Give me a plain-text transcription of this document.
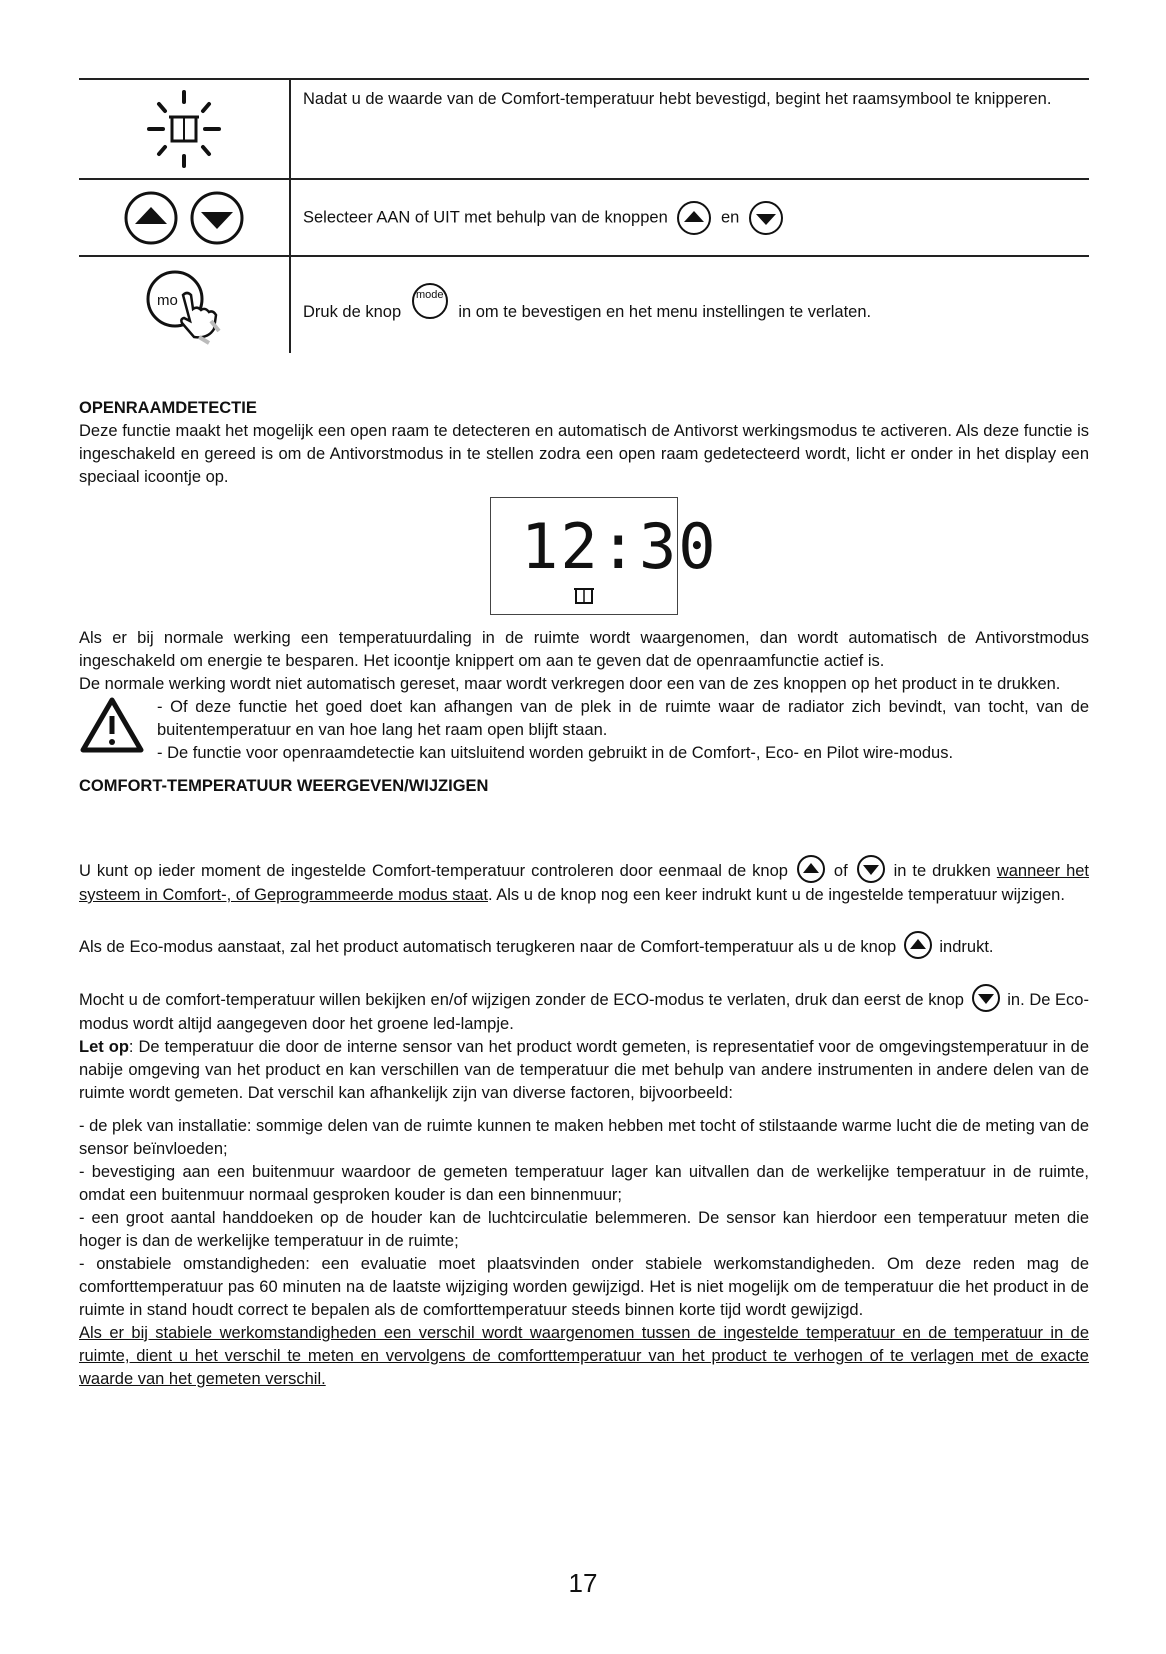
Nadat u de waarde van de Comfort-temperatuur hebt bevestigd, begint het raamsymbool te knipperen.
Selecteer AAN of UIT met behulp van de knoppen	en
mo
Druk de knop
mode
in om te bevestigen en het menu instellingen te verlaten.
OPENRAAMDETECTIE

Deze functie maakt het mogelijk een open raam te detecteren en automatisch de Antivorst werkingsmodus te activeren. Als deze functie is ingeschakeld en gereed is om de Antivorstmodus in te stellen zodra een open raam gedetecteerd wordt, licht er onder in het display een speciaal icoontje op.

12:30

Als er bij normale werking een temperatuurdaling in de ruimte wordt waargenomen, dan wordt automatisch de Antivorstmodus ingeschakeld om energie te besparen. Het icoontje knippert om aan te geven dat de openraamfunctie actief is.

De normale werking wordt niet automatisch gereset, maar wordt verkregen door een van de zes knoppen op het product in te drukken.

- Of deze functie het goed doet kan afhangen van de plek in de ruimte waar de radiator zich bevindt, van tocht, van de buitentemperatuur en van hoe lang het raam open blijft staan.

- De functie voor openraamdetectie kan uitsluitend worden gebruikt in de Comfort-, Eco- en Pilot wire-modus.

COMFORT-TEMPERATUUR WEERGEVEN/WIJZIGEN

U kunt op ieder moment de ingestelde Comfort-temperatuur controleren door eenmaal de knop	of	in te drukken wanneer het systeem in Comfort-, of Geprogrammeerde modus staat. Als u de knop nog een keer indrukt kunt u de ingestelde temperatuur wijzigen.

Als de Eco-modus aanstaat, zal het product automatisch terugkeren naar de Comfort-temperatuur als u de knop	indrukt.

Mocht u de comfort-temperatuur willen bekijken en/of wijzigen zonder de ECO-modus te verlaten, druk dan eerst de knop	in. De Eco-modus wordt altijd aangegeven door het groene led-lampje.

Let op: De temperatuur die door de interne sensor van het product wordt gemeten, is representatief voor de omgevingstemperatuur in de nabije omgeving van het product en kan verschillen van de temperatuur die met behulp van andere instrumenten in andere delen van de ruimte wordt gemeten. Dat verschil kan afhankelijk zijn van diverse factoren, bijvoorbeeld:

- de plek van installatie: sommige delen van de ruimte kunnen te maken hebben met tocht of stilstaande warme lucht die de meting van de sensor beïnvloeden;

- bevestiging aan een buitenmuur waardoor de gemeten temperatuur lager kan uitvallen dan de werkelijke temperatuur in de ruimte, omdat een buitenmuur normaal gesproken kouder is dan een binnenmuur;

- een groot aantal handdoeken op de houder kan de luchtcirculatie belemmeren. De sensor kan hierdoor een temperatuur meten die hoger is dan de werkelijke temperatuur in de ruimte;

- onstabiele omstandigheden: een evaluatie moet plaatsvinden onder stabiele werkomstandigheden. Om deze reden mag de comforttemperatuur pas 60 minuten na de laatste wijziging worden gewijzigd. Het is niet mogelijk om de temperatuur die het product in de ruimte in stand houdt correct te bepalen als de comforttemperatuur steeds binnen korte tijd wordt gewijzigd.

Als er bij stabiele werkomstandigheden een verschil wordt waargenomen tussen de ingestelde temperatuur en de temperatuur in de ruimte, dient u het verschil te meten en vervolgens de comforttemperatuur van het product te verhogen of te verlagen met de exacte waarde van het gemeten verschil.

17
